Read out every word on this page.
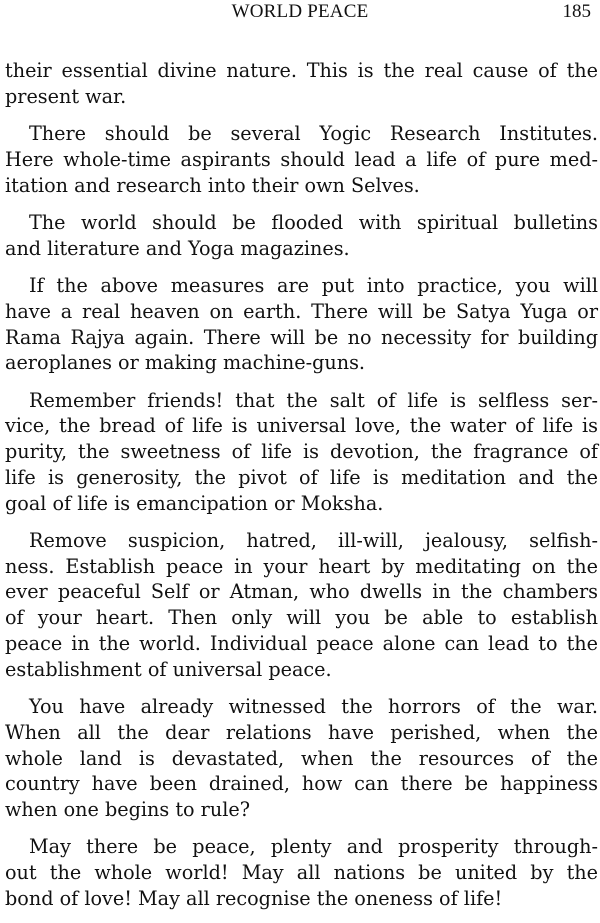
WORLD PEACE	185

their essential divine nature. This is the real cause of the
present war.

There should be several Yogic Research Institutes.
Here whole-time aspirants should lead a life of pure med-
itation and research into their own Selves.

The world should be flooded with spiritual bulletins
and literature and Yoga magazines.

If the above measures are put into practice, you will
have a real heaven on earth. There will be Satya Yuga or
Rama Rajya again. There will be no necessity for building
aeroplanes or making machine-guns.

Remember friends! that the salt of life is selfless ser-
vice, the bread of life is universal love, the water of life is
purity, the sweetness of life is devotion, the fragrance of
life is generosity, the pivot of life is meditation and the
goal of life is emancipation or Moksha.

Remove suspicion, hatred, ill-will, jealousy, selfish-
ness. Establish peace in your heart by meditating on the
ever peaceful Self or Atman, who dwells in the chambers
of your heart. Then only will you be able to establish
peace in the world. Individual peace alone can lead to the
establishment of universal peace.

You have already witnessed the horrors of the war.
When all the dear relations have perished, when the
whole land is devastated, when the resources of the
country have been drained, how can there be happiness
when one begins to rule?

May there be peace, plenty and prosperity through-
out the whole world! May all nations be united by the
bond of love! May all recognise the oneness of life!
